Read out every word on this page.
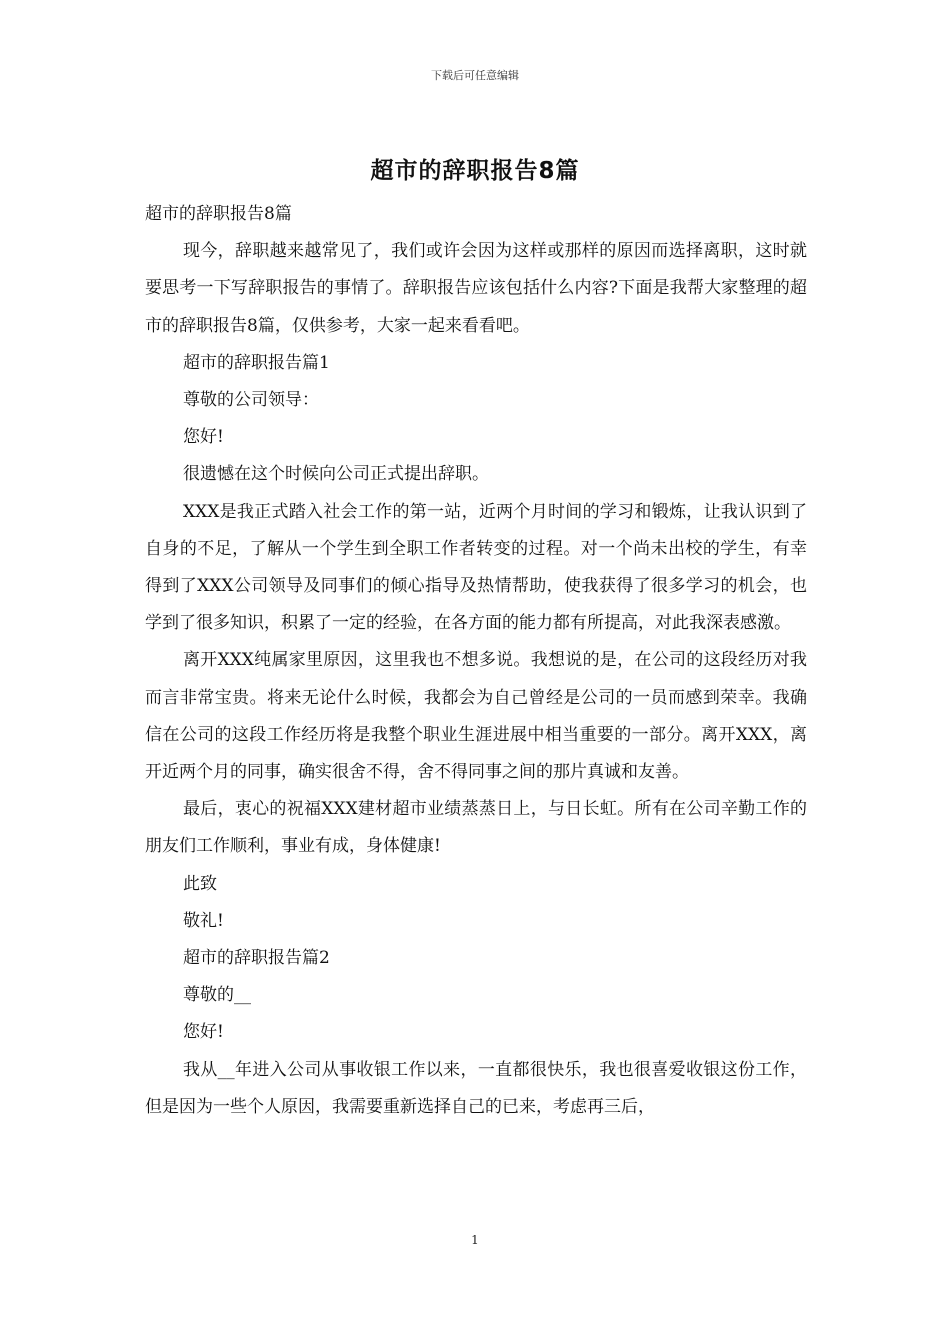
下载后可任意编辑
超市的辞职报告8篇

超市的辞职报告8篇

现今，辞职越来越常见了，我们或许会因为这样或那样的原因而选择离职，这时就要思考一下写辞职报告的事情了。辞职报告应该包括什么内容?下面是我帮大家整理的超市的辞职报告8篇，仅供参考，大家一起来看看吧。

超市的辞职报告篇1

尊敬的公司领导：

您好!

很遗憾在这个时候向公司正式提出辞职。

XXX是我正式踏入社会工作的第一站，近两个月时间的学习和锻炼，让我认识到了自身的不足，了解从一个学生到全职工作者转变的过程。对一个尚未出校的学生，有幸得到了XXX公司领导及同事们的倾心指导及热情帮助，使我获得了很多学习的机会，也学到了很多知识，积累了一定的经验，在各方面的能力都有所提高，对此我深表感激。

离开XXX纯属家里原因，这里我也不想多说。我想说的是，在公司的这段经历对我而言非常宝贵。将来无论什么时候，我都会为自己曾经是公司的一员而感到荣幸。我确信在公司的这段工作经历将是我整个职业生涯进展中相当重要的一部分。离开XXX，离开近两个月的同事，确实很舍不得，舍不得同事之间的那片真诚和友善。

最后，衷心的祝福XXX建材超市业绩蒸蒸日上，与日长虹。所有在公司辛勤工作的朋友们工作顺利，事业有成，身体健康!

此致

敬礼!

超市的辞职报告篇2

尊敬的__

您好!

我从__年进入公司从事收银工作以来，一直都很快乐，我也很喜爱收银这份工作，但是因为一些个人原因，我需要重新选择自己的已来，考虑再三后，

1
